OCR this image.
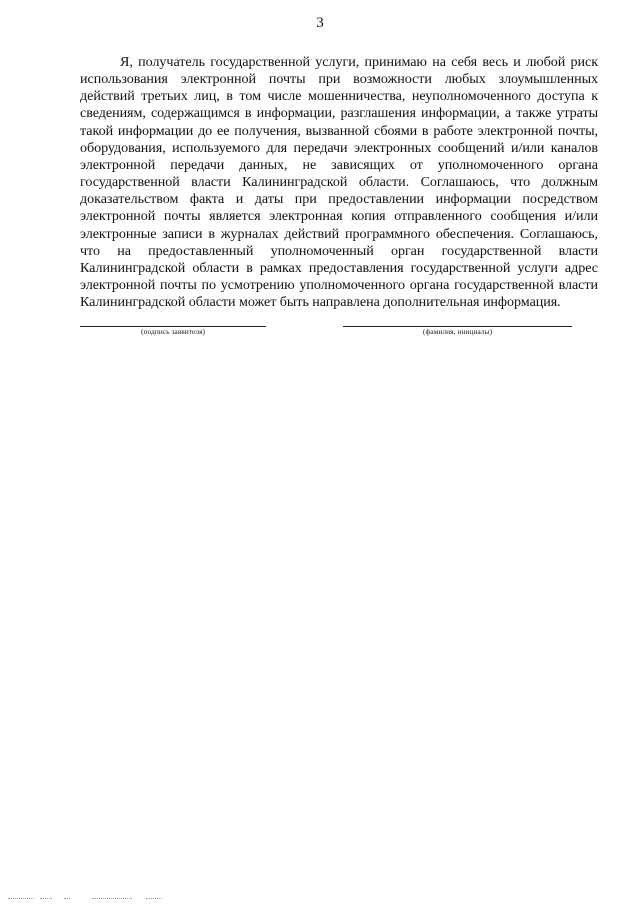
3

Я, получатель государственной услуги, принимаю на себя весь и любой риск использования электронной почты при возможности любых злоумышленных действий третьих лиц, в том числе мошенничества, неуполномоченного доступа к сведениям, содержащимся в информации, разглашения информации, а также утраты такой информации до ее получения, вызванной сбоями в работе электронной почты, оборудования, используемого для передачи электронных сообщений и/или каналов электронной передачи данных, не зависящих от уполномоченного органа государственной власти Калининградской области. Соглашаюсь, что должным доказательством факта и даты при предоставлении информации посредством электронной почты является электронная копия отправленного сообщения и/или электронные записи в журналах действий программного обеспечения. Соглашаюсь, что на предоставленный уполномоченный орган государственной власти Калининградской области в рамках предоставления государственной услуги адрес электронной почты по усмотрению уполномоченного органа государственной власти Калининградской области может быть направлена дополнительная информация.

(подпись заявителя)	(фамилия, инициалы)
